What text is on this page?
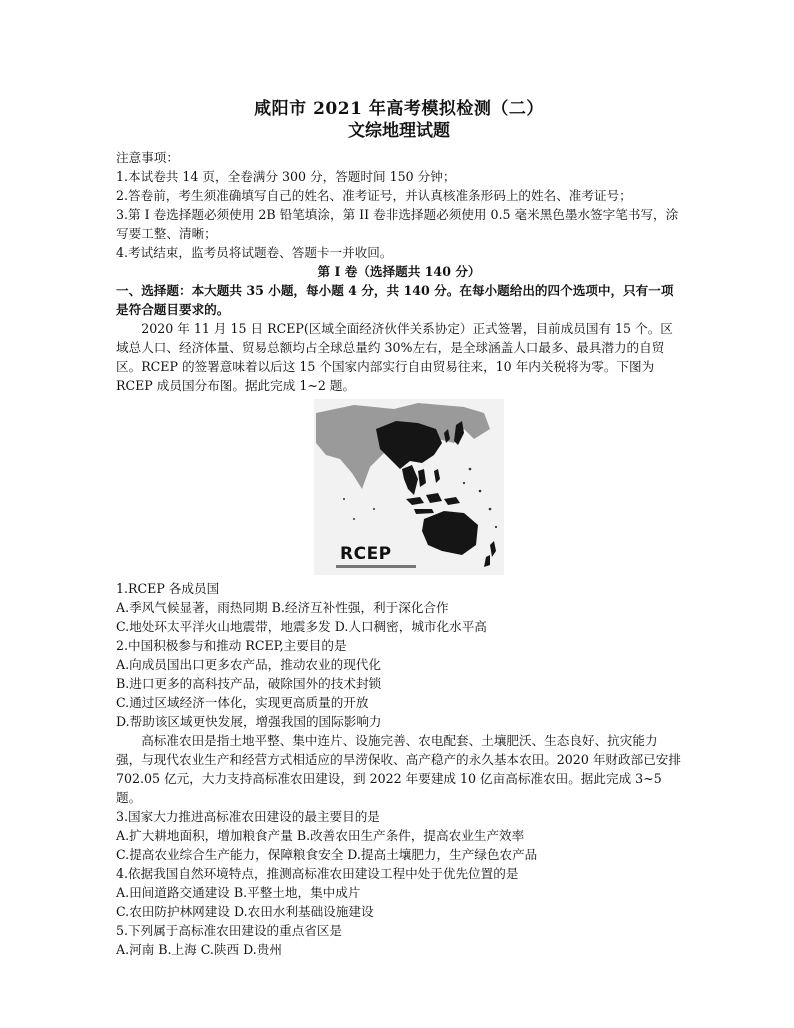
咸阳市 2021 年高考模拟检测（二）
文综地理试题
注意事项：
1.本试卷共 14 页，全卷满分 300 分，答题时间 150 分钟；
2.答卷前，考生须准确填写自己的姓名、准考证号，并认真核准条形码上的姓名、准考证号；
3.第 I 卷选择题必须使用 2B 铅笔填涂，第 II 卷非选择题必须使用 0.5 毫米黑色墨水签字笔书写，涂写要工整、清晰；
4.考试结束，监考员将试题卷、答题卡一并收回。
第 I 卷（选择题共 140 分）
一、选择题：本大题共 35 小题，每小题 4 分，共 140 分。在每小题给出的四个选项中，只有一项是符合题目要求的。
2020 年 11 月 15 日 RCEP(区域全面经济伙伴关系协定）正式签署，目前成员国有 15 个。区域总人口、经济体量、贸易总额均占全球总量约 30%左右，是全球涵盖人口最多、最具潜力的自贸区。RCEP 的签署意味着以后这 15 个国家内部实行自由贸易往来，10 年内关税将为零。下图为 RCEP 成员国分布图。据此完成 1~2 题。
RCEP
1.RCEP 各成员国
A.季风气候显著，雨热同期 B.经济互补性强，利于深化合作
C.地处环太平洋火山地震带，地震多发 D.人口稠密，城市化水平高
2.中国积极参与和推动 RCEP,主要目的是
A.向成员国出口更多农产品，推动农业的现代化
B.进口更多的高科技产品，破除国外的技术封锁
C.通过区域经济一体化，实现更高质量的开放
D.帮助该区域更快发展，增强我国的国际影响力
高标准农田是指土地平整、集中连片、设施完善、农电配套、土壤肥沃、生态良好、抗灾能力强，与现代农业生产和经营方式相适应的旱涝保收、高产稳产的永久基本农田。2020 年财政部已安排 702.05 亿元，大力支持高标准农田建设，到 2022 年要建成 10 亿亩高标准农田。据此完成 3~5 题。
3.国家大力推进高标准农田建设的最主要目的是
A.扩大耕地面积，增加粮食产量 B.改善农田生产条件，提高农业生产效率
C.提高农业综合生产能力，保障粮食安全 D.提高土壤肥力，生产绿色农产品
4.依据我国自然环境特点，推测高标准农田建设工程中处于优先位置的是
A.田间道路交通建设 B.平整土地，集中成片
C.农田防护林网建设 D.农田水利基础设施建设
5.下列属于高标准农田建设的重点省区是
A.河南 B.上海 C.陕西 D.贵州
